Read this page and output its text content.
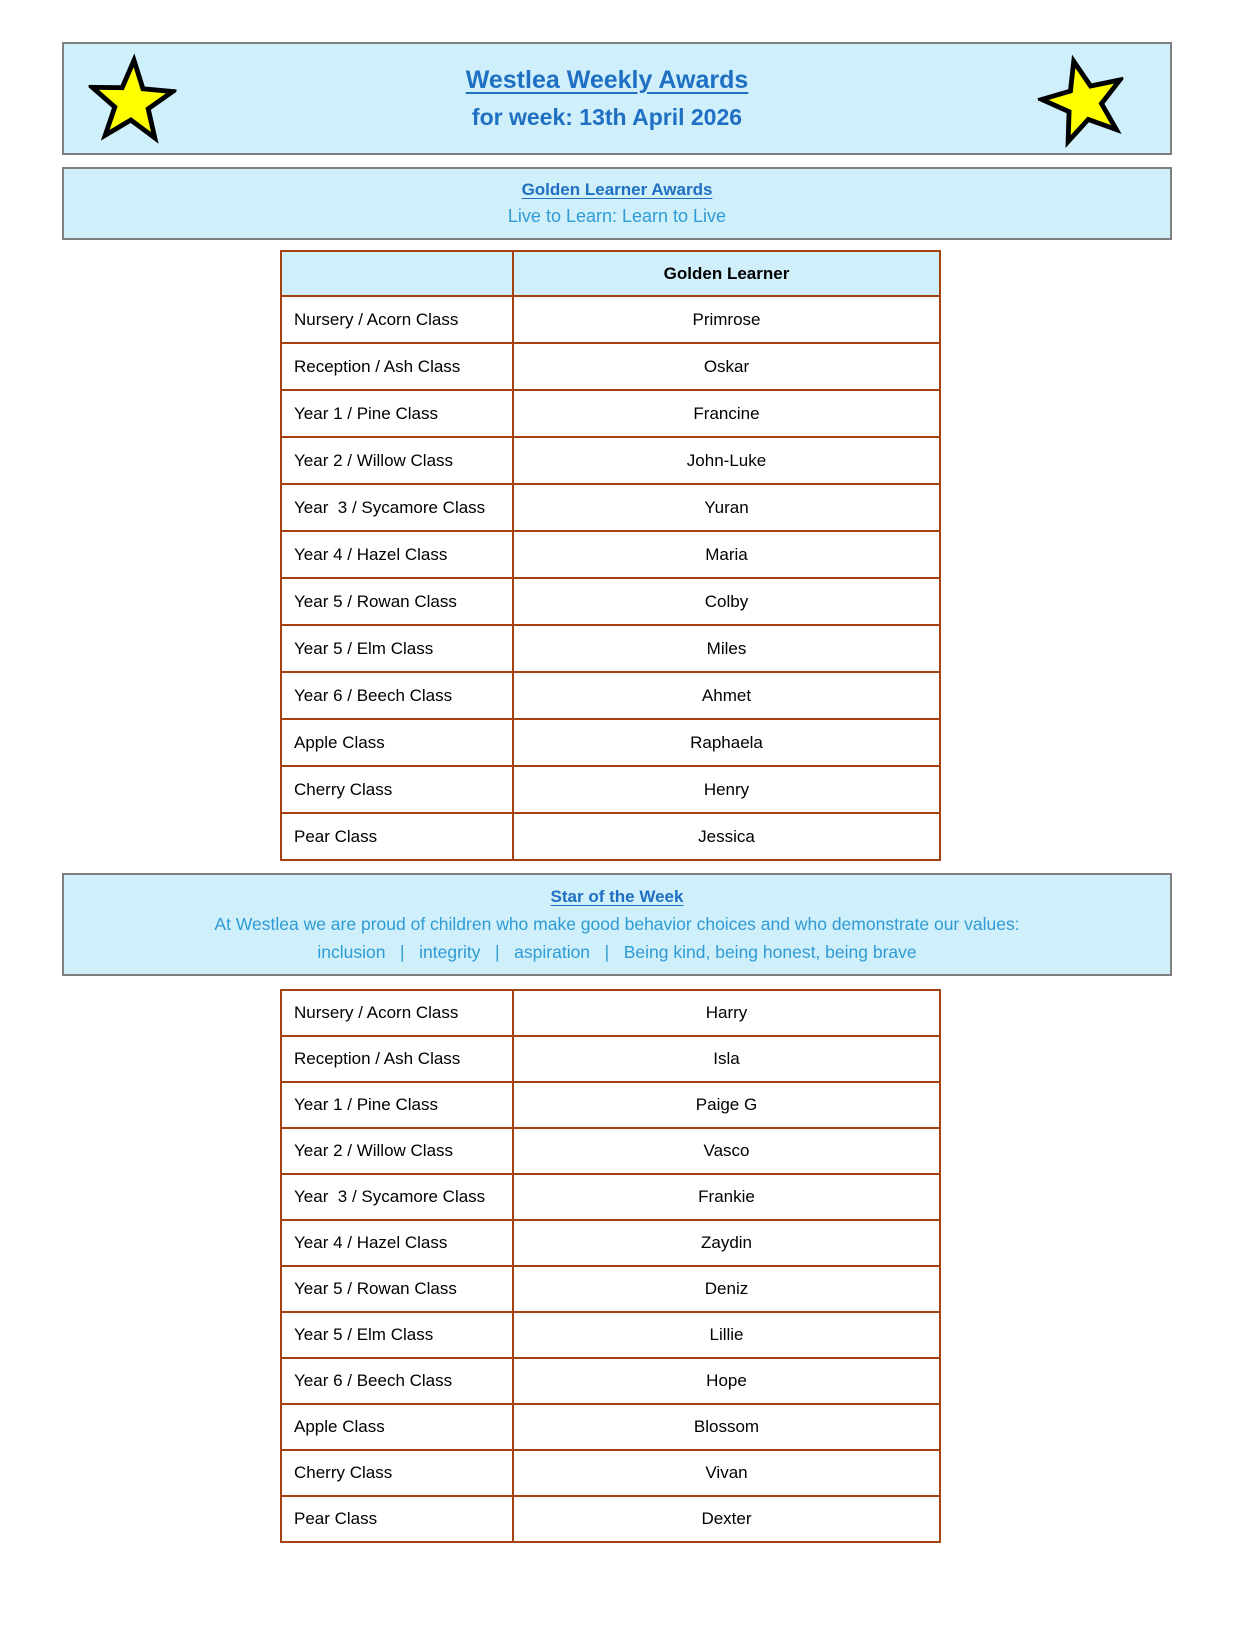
Westlea Weekly Awards
for week: 13th April 2026
Golden Learner Awards
Live to Learn: Learn to Live
	Golden Learner
Nursery / Acorn Class	Primrose
Reception / Ash Class	Oskar
Year 1 / Pine Class	Francine
Year 2 / Willow Class	John-Luke
Year  3 / Sycamore Class	Yuran
Year 4 / Hazel Class	Maria
Year 5 / Rowan Class	Colby
Year 5 / Elm Class	Miles
Year 6 / Beech Class	Ahmet
Apple Class	Raphaela
Cherry Class	Henry
Pear Class	Jessica
Star of the Week
At Westlea we are proud of children who make good behavior choices and who demonstrate our values:
inclusion   |   integrity   |   aspiration   |   Being kind, being honest, being brave
Nursery / Acorn Class	Harry
Reception / Ash Class	Isla
Year 1 / Pine Class	Paige G
Year 2 / Willow Class	Vasco
Year  3 / Sycamore Class	Frankie
Year 4 / Hazel Class	Zaydin
Year 5 / Rowan Class	Deniz
Year 5 / Elm Class	Lillie
Year 6 / Beech Class	Hope
Apple Class	Blossom
Cherry Class	Vivan
Pear Class	Dexter
